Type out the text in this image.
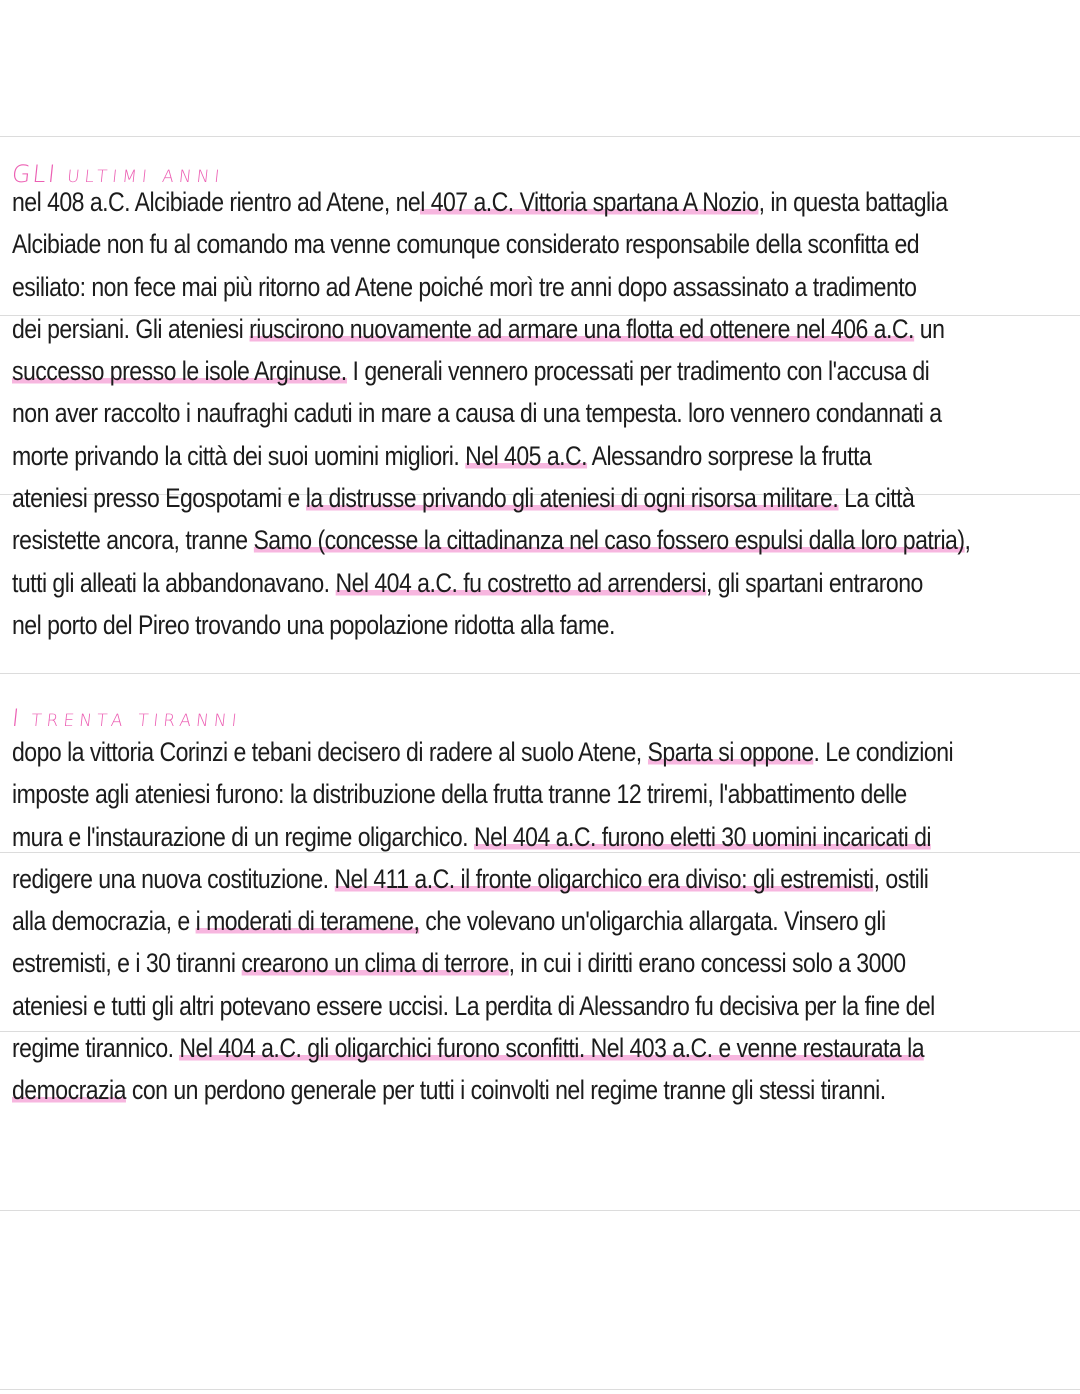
GLI ULTIMI ANNI
nel 408 a.C. Alcibiade rientro ad Atene, nel 407 a.C. Vittoria spartana A Nozio, in questa battaglia
Alcibiade non fu al comando ma venne comunque considerato responsabile della sconfitta ed
esiliato: non fece mai più ritorno ad Atene poiché morì tre anni dopo assassinato a tradimento
dei persiani. Gli ateniesi riuscirono nuovamente ad armare una flotta ed ottenere nel 406 a.C. un
successo presso le isole Arginuse. I generali vennero processati per tradimento con l'accusa di
non aver raccolto i naufraghi caduti in mare a causa di una tempesta. loro vennero condannati a
morte privando la città dei suoi uomini migliori. Nel 405 a.C. Alessandro sorprese la frutta
ateniesi presso Egospotami e la distrusse privando gli ateniesi di ogni risorsa militare. La città
resistette ancora, tranne Samo (concesse la cittadinanza nel caso fossero espulsi dalla loro patria),
tutti gli alleati la abbandonavano. Nel 404 a.C. fu costretto ad arrendersi, gli spartani entrarono
nel porto del Pireo trovando una popolazione ridotta alla fame.
I TRENTA TIRANNI
dopo la vittoria Corinzi e tebani decisero di radere al suolo Atene, Sparta si oppone. Le condizioni
imposte agli ateniesi furono: la distribuzione della frutta tranne 12 triremi, l'abbattimento delle
mura e l'instaurazione di un regime oligarchico. Nel 404 a.C. furono eletti 30 uomini incaricati di
redigere una nuova costituzione. Nel 411 a.C. il fronte oligarchico era diviso: gli estremisti, ostili
alla democrazia, e i moderati di teramene, che volevano un'oligarchia allargata. Vinsero gli
estremisti, e i 30 tiranni crearono un clima di terrore, in cui i diritti erano concessi solo a 3000
ateniesi e tutti gli altri potevano essere uccisi. La perdita di Alessandro fu decisiva per la fine del
regime tirannico. Nel 404 a.C. gli oligarchici furono sconfitti. Nel 403 a.C. e venne restaurata la
democrazia con un perdono generale per tutti i coinvolti nel regime tranne gli stessi tiranni.
